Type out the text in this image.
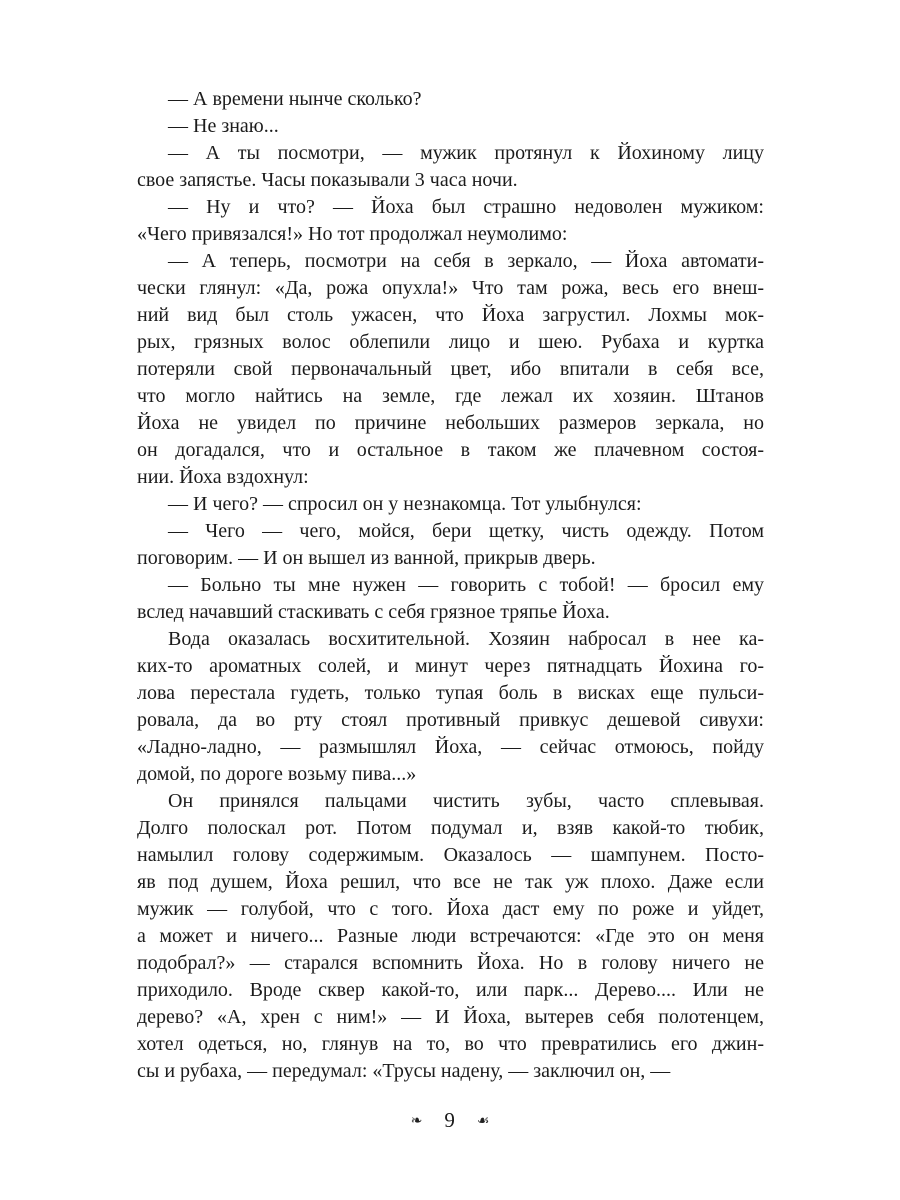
— А времени нынче сколько?
— Не знаю...
— А ты посмотри, — мужик протянул к Йохиному лицу
свое запястье. Часы показывали 3 часа ночи.
— Ну и что? — Йоха был страшно недоволен мужиком:
«Чего привязался!» Но тот продолжал неумолимо:
— А теперь, посмотри на себя в зеркало, — Йоха автомати-
чески глянул: «Да, рожа опухла!» Что там рожа, весь его внеш-
ний вид был столь ужасен, что Йоха загрустил. Лохмы мок-
рых, грязных волос облепили лицо и шею. Рубаха и куртка
потеряли свой первоначальный цвет, ибо впитали в себя все,
что могло найтись на земле, где лежал их хозяин. Штанов
Йоха не увидел по причине небольших размеров зеркала, но
он догадался, что и остальное в таком же плачевном состоя-
нии. Йоха вздохнул:
— И чего? — спросил он у незнакомца. Тот улыбнулся:
— Чего — чего, мойся, бери щетку, чисть одежду. Потом
поговорим. — И он вышел из ванной, прикрыв дверь.
— Больно ты мне нужен — говорить с тобой! — бросил ему
вслед начавший стаскивать с себя грязное тряпье Йоха.
Вода оказалась восхитительной. Хозяин набросал в нее ка-
ких-то ароматных солей, и минут через пятнадцать Йохина го-
лова перестала гудеть, только тупая боль в висках еще пульси-
ровала, да во рту стоял противный привкус дешевой сивухи:
«Ладно-ладно, — размышлял Йоха, — сейчас отмоюсь, пойду
домой, по дороге возьму пива...»
Он принялся пальцами чистить зубы, часто сплевывая.
Долго полоскал рот. Потом подумал и, взяв какой-то тюбик,
намылил голову содержимым. Оказалось — шампунем. Посто-
яв под душем, Йоха решил, что все не так уж плохо. Даже если
мужик — голубой, что с того. Йоха даст ему по роже и уйдет,
а может и ничего... Разные люди встречаются: «Где это он меня
подобрал?» — старался вспомнить Йоха. Но в голову ничего не
приходило. Вроде сквер какой-то, или парк... Дерево.... Или не
дерево? «А, хрен с ним!» — И Йоха, вытерев себя полотенцем,
хотел одеться, но, глянув на то, во что превратились его джин-
сы и рубаха, — передумал: «Трусы надену, — заключил он, —
❧ 9 ☙
